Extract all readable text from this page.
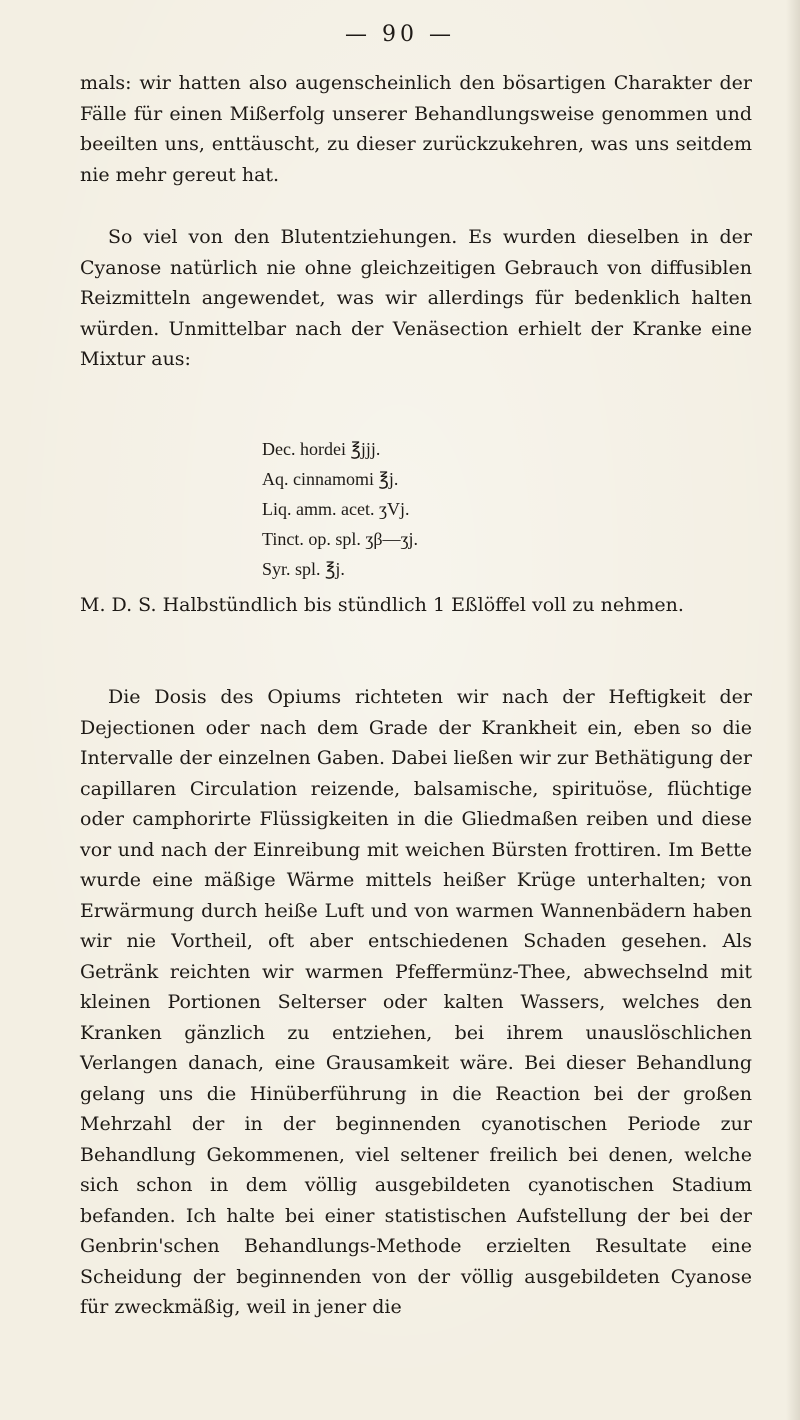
— 90 —
mals: wir hatten also augenscheinlich den bösartigen Charakter der Fälle für einen Mißerfolg unserer Behandlungsweise genommen und beeilten uns, enttäuscht, zu dieser zurückzukehren, was uns seitdem nie mehr gereut hat.
So viel von den Blutentziehungen. Es wurden dieselben in der Cyanose natürlich nie ohne gleichzeitigen Gebrauch von diffusiblen Reizmitteln angewendet, was wir allerdings für bedenklich halten würden. Unmittelbar nach der Venäsection erhielt der Kranke eine Mixtur aus:
Dec. hordei ℥jjj.
Aq. cinnamomi ℥j.
Liq. amm. acet. ʒVj.
Tinct. op. spl. ʒβ—ʒj.
Syr. spl. ℥j.
M. D. S. Halbstündlich bis stündlich 1 Eßlöffel voll zu nehmen.
Die Dosis des Opiums richteten wir nach der Heftigkeit der Dejectionen oder nach dem Grade der Krankheit ein, eben so die Intervalle der einzelnen Gaben. Dabei ließen wir zur Bethätigung der capillaren Circulation reizende, balsamische, spirituöse, flüchtige oder camphorirte Flüssigkeiten in die Gliedmaßen reiben und diese vor und nach der Einreibung mit weichen Bürsten frottiren. Im Bette wurde eine mäßige Wärme mittels heißer Krüge unterhalten; von Erwärmung durch heiße Luft und von warmen Wannenbädern haben wir nie Vortheil, oft aber entschiedenen Schaden gesehen. Als Getränk reichten wir warmen Pfeffermünz-Thee, abwechselnd mit kleinen Portionen Selterser oder kalten Wassers, welches den Kranken gänzlich zu entziehen, bei ihrem unauslöschlichen Verlangen danach, eine Grausamkeit wäre. Bei dieser Behandlung gelang uns die Hinüberführung in die Reaction bei der großen Mehrzahl der in der beginnenden cyanotischen Periode zur Behandlung Gekommenen, viel seltener freilich bei denen, welche sich schon in dem völlig ausgebildeten cyanotischen Stadium befanden. Ich halte bei einer statistischen Aufstellung der bei der Genbrin'schen Behandlungs-Methode erzielten Resultate eine Scheidung der beginnenden von der völlig ausgebildeten Cyanose für zweckmäßig, weil in jener die
